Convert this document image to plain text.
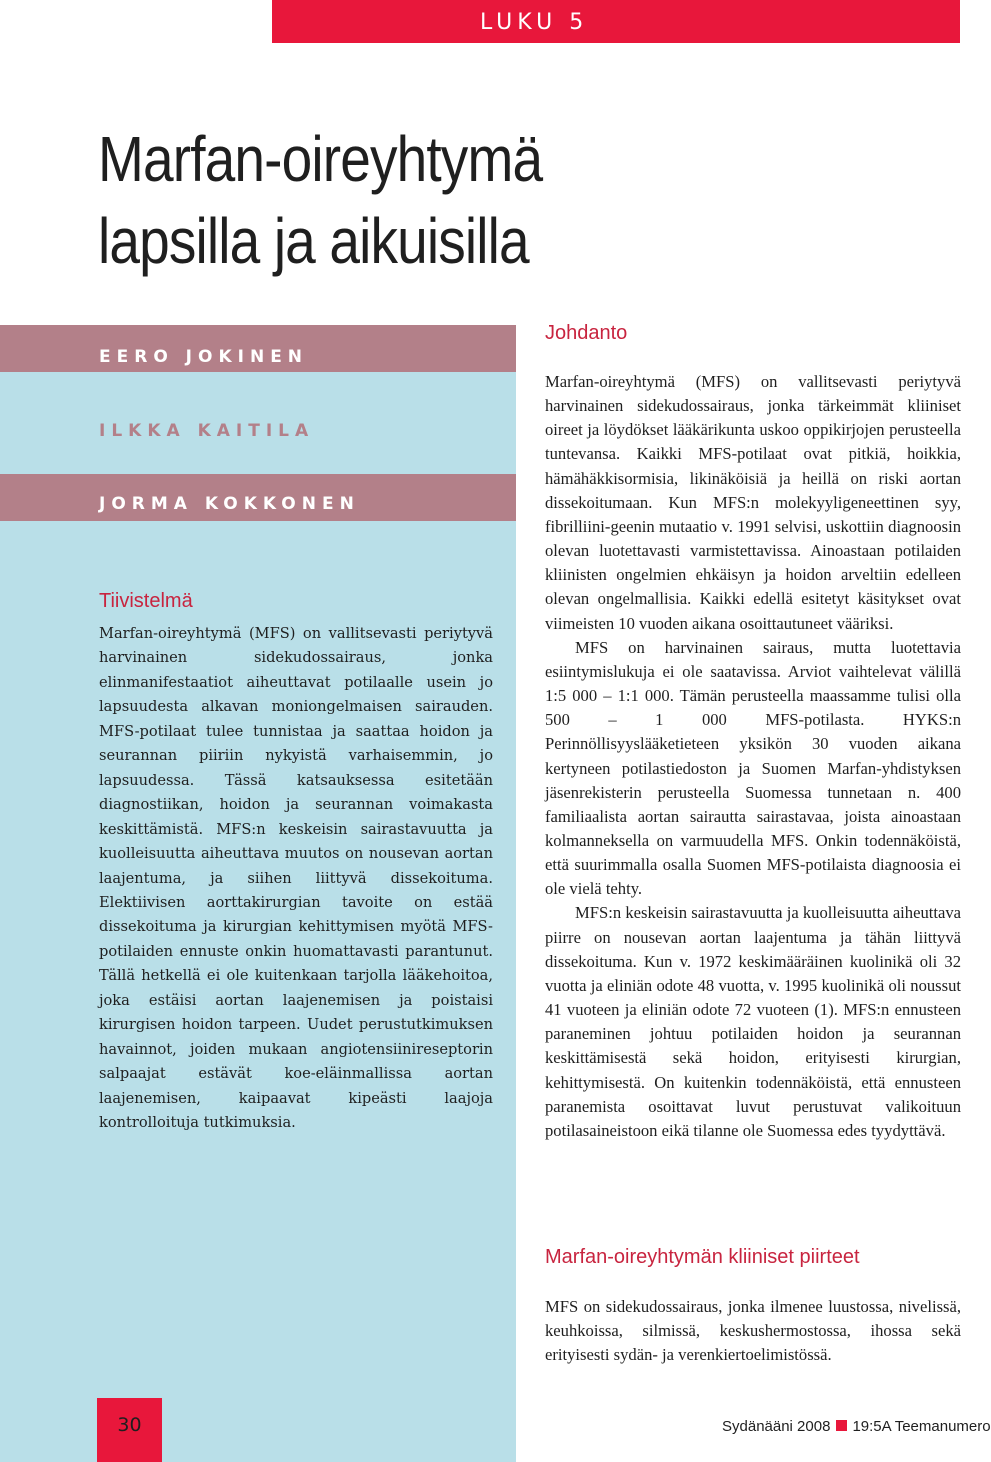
LUKU 5
Marfan-oireyhtymä
lapsilla ja aikuisilla
EERO JOKINEN
ILKKA KAITILA
JORMA KOKKONEN
Tiivistelmä

Marfan-oireyhtymä (MFS) on vallitsevasti periytyvä harvinainen sidekudossairaus, jonka elinmanifestaatiot aiheuttavat potilaalle usein jo lapsuudesta alkavan moniongelmaisen sairauden. MFS-potilaat tulee tunnistaa ja saattaa hoidon ja seurannan piiriin nykyistä varhaisemmin, jo lapsuudessa. Tässä katsauksessa esitetään diagnostiikan, hoidon ja seurannan voimakasta keskittämistä. MFS:n keskeisin sairastavuutta ja kuolleisuutta aiheuttava muutos on nousevan aortan laajentuma, ja siihen liittyvä dissekoituma. Elektiivisen aorttakirurgian tavoite on estää dissekoituma ja kirurgian kehittymisen myötä MFS-potilaiden ennuste onkin huomattavasti parantunut. Tällä hetkellä ei ole kuitenkaan tarjolla lääkehoitoa, joka estäisi aortan laajenemisen ja poistaisi kirurgisen hoidon tarpeen. Uudet perustutkimuksen havainnot, joiden mukaan angiotensiinireseptorin salpaajat estävät koe-eläinmallissa aortan laajenemisen, kaipaavat kipeästi laajoja kontrolloituja tutkimuksia.

Johdanto

Marfan-oireyhtymä (MFS) on vallitsevasti periytyvä harvinainen sidekudossairaus, jonka tärkeimmät kliiniset oireet ja löydökset lääkärikunta uskoo oppikirjojen perusteella tuntevansa. Kaikki MFS-potilaat ovat pitkiä, hoikkia, hämähäkkisormisia, likinäköisiä ja heillä on riski aortan dissekoitumaan. Kun MFS:n molekyyligeneettinen syy, fibrilliini-geenin mutaatio v. 1991 selvisi, uskottiin diagnoosin olevan luotettavasti varmistettavissa. Ainoastaan potilaiden kliinisten ongelmien ehkäisyn ja hoidon arveltiin edelleen olevan ongelmallisia. Kaikki edellä esitetyt käsitykset ovat viimeisten 10 vuoden aikana osoittautuneet vääriksi.

MFS on harvinainen sairaus, mutta luotettavia esiintymislukuja ei ole saatavissa. Arviot vaihtelevat välillä 1:5 000 – 1:1 000. Tämän perusteella maassamme tulisi olla 500 – 1 000 MFS-potilasta. HYKS:n Perinnöllisyyslääketieteen yksikön 30 vuoden aikana kertyneen potilastiedoston ja Suomen Marfan-yhdistyksen jäsenrekisterin perusteella Suomessa tunnetaan n. 400 familiaalista aortan sairautta sairastavaa, joista ainoastaan kolmanneksella on varmuudella MFS. Onkin todennäköistä, että suurimmalla osalla Suomen MFS-potilaista diagnoosia ei ole vielä tehty.

MFS:n keskeisin sairastavuutta ja kuolleisuutta aiheuttava piirre on nousevan aortan laajentuma ja tähän liittyvä dissekoituma. Kun v. 1972 keskimääräinen kuolinikä oli 32 vuotta ja eliniän odote 48 vuotta, v. 1995 kuolinikä oli noussut 41 vuoteen ja eliniän odote 72 vuoteen (1). MFS:n ennusteen paraneminen johtuu potilaiden hoidon ja seurannan keskittämisestä sekä hoidon, erityisesti kirurgian, kehittymisestä. On kuitenkin todennäköistä, että ennusteen paranemista osoittavat luvut perustuvat valikoituun potilasaineistoon eikä tilanne ole Suomessa edes tyydyttävä.

Marfan-oireyhtymän kliiniset piirteet

MFS on sidekudossairaus, jonka ilmenee luustossa, nivelissä, keuhkoissa, silmissä, keskushermostossa, ihossa sekä erityisesti sydän- ja verenkiertoelimistössä.

30	Sydänääni 2008 19:5A Teemanumero
